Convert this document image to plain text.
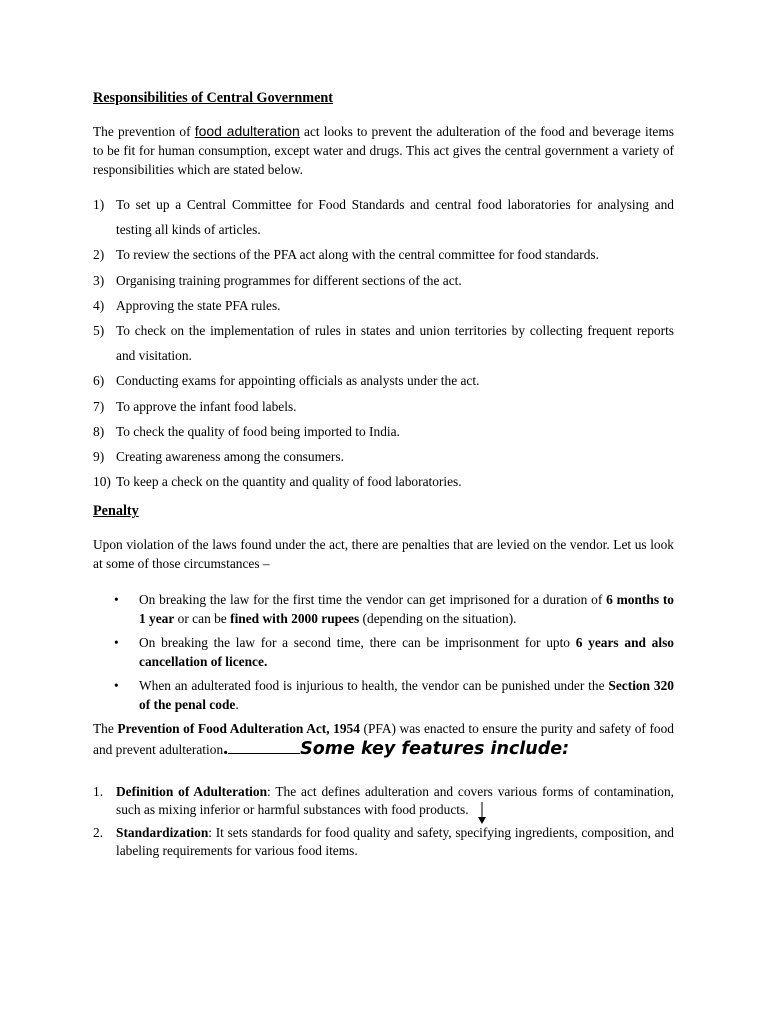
Responsibilities of Central Government

The prevention of food adulteration act looks to prevent the adulteration of the food and beverage items to be fit for human consumption, except water and drugs. This act gives the central government a variety of responsibilities which are stated below.

1) To set up a Central Committee for Food Standards and central food laboratories for analysing and testing all kinds of articles.
2) To review the sections of the PFA act along with the central committee for food standards.
3) Organising training programmes for different sections of the act.
4) Approving the state PFA rules.
5) To check on the implementation of rules in states and union territories by collecting frequent reports and visitation.
6) Conducting exams for appointing officials as analysts under the act.
7) To approve the infant food labels.
8) To check the quality of food being imported to India.
9) Creating awareness among the consumers.
10) To keep a check on the quantity and quality of food laboratories.
Penalty

Upon violation of the laws found under the act, there are penalties that are levied on the vendor. Let us look at some of those circumstances –

• On breaking the law for the first time the vendor can get imprisoned for a duration of 6 months to 1 year or can be fined with 2000 rupees (depending on the situation).
• On breaking the law for a second time, there can be imprisonment for upto 6 years and also cancellation of licence.
• When an adulterated food is injurious to health, the vendor can be punished under the Section 320 of the penal code.

The Prevention of Food Adulteration Act, 1954 (PFA) was enacted to ensure the purity and safety of food and prevent adulteration.	Some key features include:

1. Definition of Adulteration: The act defines adulteration and covers various forms of contamination, such as mixing inferior or harmful substances with food products.
2. Standardization: It sets standards for food quality and safety, specifying ingredients, composition, and labeling requirements for various food items.
